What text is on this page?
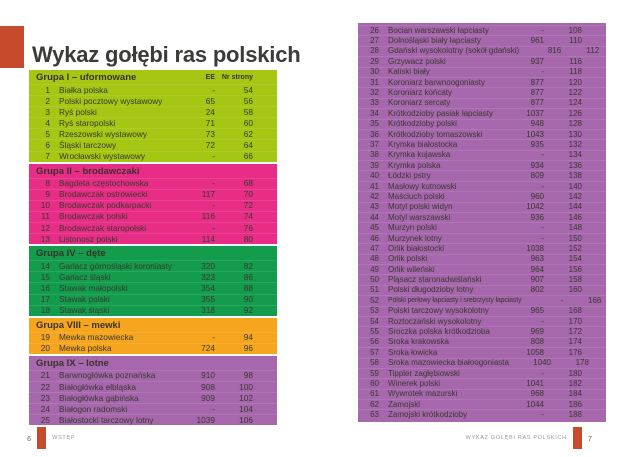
Wykaz gołębi ras polskich
Grupa I – uformowane	EE Nr strony
1	Białka polska	-	54
2	Polski pocztowy wystawowy	65	56
3	Ryś polski	24	58
4	Ryś staropolski	71	60
5	Rzeszowski wystawowy	73	62
6	Śląski tarczowy	72	64
7	Wrocławski wystawowy	-	66
Grupa II – brodawczaki
8	Bagdeta częstochowska	-	68
9	Brodawczak ostrowiecki	117	70
10	Brodawczak podkarpacki	-	72
11	Brodawczak polski	116	74
12	Brodawczak staropolski	-	76
13	Listonosz polski	114	80
Grupa IV – dęte
14	Garlacz górnośląski koroniasty	320	82
15	Garlacz śląski	323	86
16	Stawak małopolski	354	88
17	Stawak polski	355	90
18	Stawak śląski	318	92
Grupa VIII – mewki
19	Mewka mazowiecka	-	94
20	Mewka polska	724	96
Grupa IX – lotne
21	Barwnogłówka poznańska	910	98
22	Białogłówka elbląska	908	100
23	Białogłówka gąbińska	909	102
24	Białogon radomski	-	104
25	Białostocki tarczowy lotny	1039	106
26	Bocian warszawski łapciasty	-	108
27	Dolnośląski biały łapciasty	961	110
28	Gdański wysokolotny (sokół gdański)	816	112
29	Grzywacz polski	937	116
30	Kaliski biały	-	118
31	Koroniarz barwnoogoniasty	877	120
32	Koroniarz końcaty	877	122
33	Koroniarz sercaty	877	124
34	Krótkodzioby pasiak łapciasty	1037	126
35	Krótkodzioby polski	948	128
36	Krótkodzioby tomaszowski	1043	130
37	Krymka białostocka	935	132
38	Krymka kujawska	-	134
39	Krymka polska	934	136
40	Łódzki pstry	809	138
41	Masłowy kutnowski	-	140
42	Maściuch polski	960	142
43	Motyl polski widyn	1042	144
44	Motyl warszawski	936	146
45	Murzyn polski	-	148
46	Murzynek lotny	-	150
47	Orlik białostocki	1038	152
48	Orlik polski	963	154
49	Orlik wileński	964	156
50	Pląsacz staronadwiślański	907	158
51	Polski długodzioby lotny	802	160
52	Polski perłowy łapciasty i srebrzysty łapciasty	-	166
53	Polski tarczowy wysokolotny	965	168
54	Roztoczański wysokolotny	-	170
55	Sroczka polska krótkodzioba	969	172
56	Sroka krakowska	808	174
57	Sroka łowicka	1058	176
58	Sroka mazowiecka białoogoniasta	1040	178
59	Tippler zagłębiowski	-	180
60	Winerek polski	1041	182
61	Wywrotek mazurski	968	184
62	Zamojski	1044	186
63	Zamojski krótkodzioby	-	188
6	WSTĘP	WYKAZ GOŁĘBI RAS POLSKICH	7
